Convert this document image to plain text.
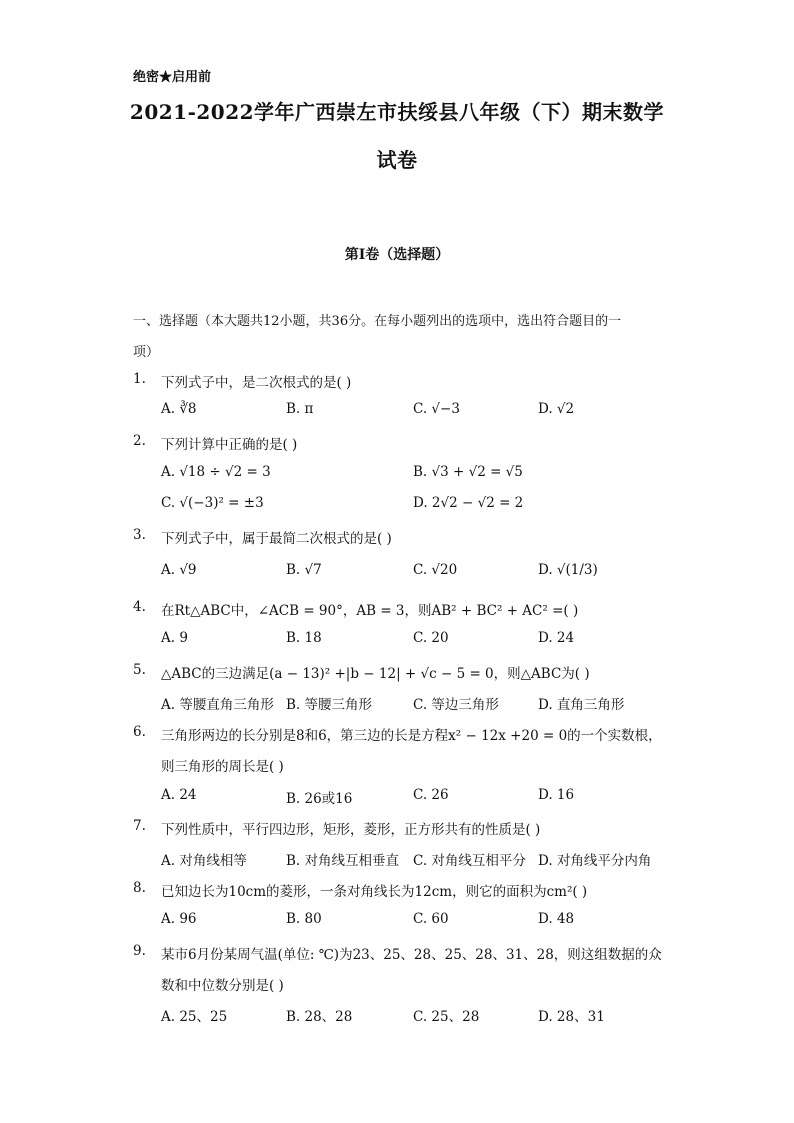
绝密★启用前
2021-2022学年广西崇左市扶绥县八年级（下）期末数学
试卷
第I卷（选择题）
一、选择题（本大题共12小题，共36分。在每小题列出的选项中，选出符合题目的一
项）
1.	下列式子中，是二次根式的是( )
A. ∛8	B. π	C. √−3	D. √2
2.	下列计算中正确的是( )
A. √18 ÷ √2 = 3	B. √3 + √2 = √5
C. √(−3)² = ±3	D. 2√2 − √2 = 2
3.	下列式子中，属于最简二次根式的是( )
A. √9	B. √7	C. √20	D. √(1/3)
4.	在Rt△ABC中，∠ACB = 90°，AB = 3，则AB² + BC² + AC² =( )
A. 9	B. 18	C. 20	D. 24
5.	△ABC的三边满足(a − 13)² +|b − 12| + √c − 5 = 0，则△ABC为( )
A. 等腰直角三角形 B. 等腰三角形	C. 等边三角形	D. 直角三角形
6.	三角形两边的长分别是8和6，第三边的长是方程x² − 12x +20 = 0的一个实数根，
则三角形的周长是( )
A. 24	B. 26或16	C. 26	D. 16
7.	下列性质中，平行四边形，矩形，菱形，正方形共有的性质是( )
A. 对角线相等	B. 对角线互相垂直 C. 对角线互相平分 D. 对角线平分内角
8.	已知边长为10cm的菱形，一条对角线长为12cm，则它的面积为cm²( )
A. 96	B. 80	C. 60	D. 48
9.	某市6月份某周气温(单位: ℃)为23、25、28、25、28、31、28，则这组数据的众
数和中位数分别是( )
A. 25、25	B. 28、28	C. 25、28	D. 28、31
